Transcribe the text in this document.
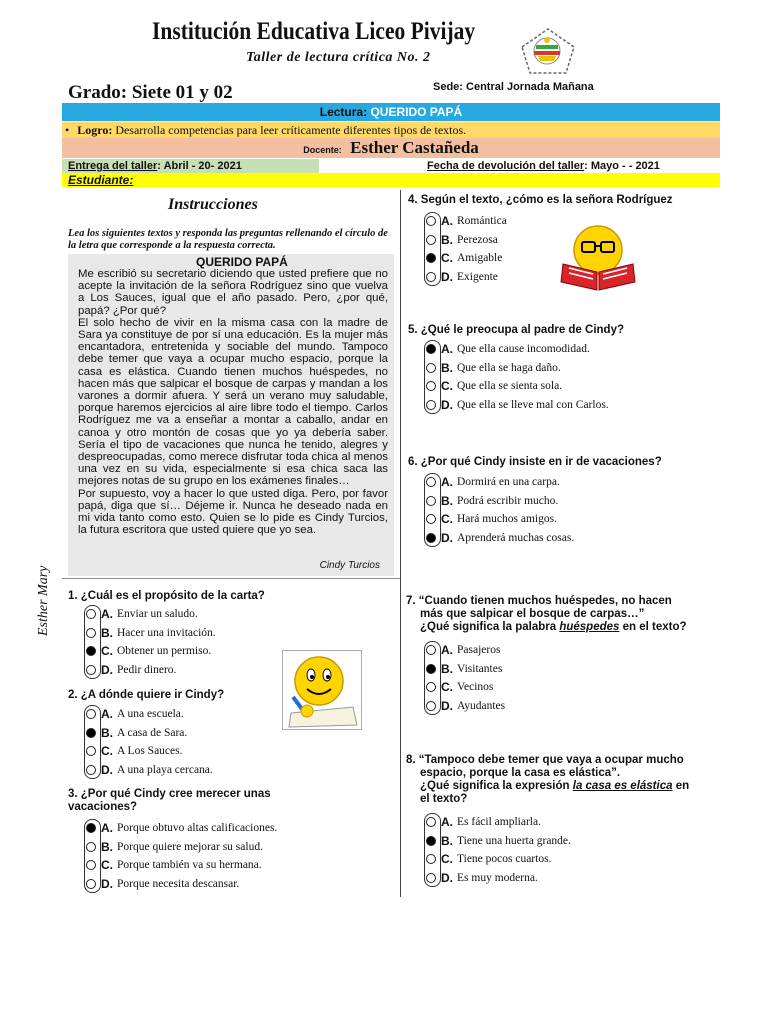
Institución Educativa Liceo Pivijay
Taller de lectura crítica No. 2
Grado: Siete 01 y 02	Sede: Central Jornada Mañana
Lectura: QUERIDO PAPÁ
• Logro: Desarrolla competencias para leer críticamente diferentes tipos de textos.
Docente: Esther Castañeda
Entrega del taller: Abril - 20- 2021	Fecha de devolución del taller: Mayo - - 2021
Estudiante:
Instrucciones
Lea los siguientes textos y responda las preguntas rellenando el círculo de la letra que corresponde a la respuesta correcta.
QUERIDO PAPÁ

Me escribió su secretario diciendo que usted prefiere que no acepte la invitación de la señora Rodríguez sino que vuelva a Los Sauces, igual que el año pasado. Pero, ¿por qué, papá? ¿Por qué?

El solo hecho de vivir en la misma casa con la madre de Sara ya constituye de por sí una educación. Es la mujer más encantadora, entretenida y sociable del mundo. Tampoco debe temer que vaya a ocupar mucho espacio, porque la casa es elástica. Cuando tienen muchos huéspedes, no hacen más que salpicar el bosque de carpas y mandan a los varones a dormir afuera. Y será un verano muy saludable, porque haremos ejercicios al aire libre todo el tiempo. Carlos Rodríguez me va a enseñar a montar a caballo, andar en canoa y otro montón de cosas que yo ya debería saber. Sería el tipo de vacaciones que nunca he tenido, alegres y despreocupadas, como merece disfrutar toda chica al menos una vez en su vida, especialmente si esa chica saca las mejores notas de su grupo en los exámenes finales…

Por supuesto, voy a hacer lo que usted diga. Pero, por favor papá, diga que sí… Déjeme ir. Nunca he deseado nada en mi vida tanto como esto. Quien se lo pide es Cindy Turcios, la futura escritora que usted quiere que yo sea.

Cindy Turcios
Esther Mary 1. ¿Cuál es el propósito de la carta?
A. Enviar un saludo.
B. Hacer una invitación.
C. Obtener un permiso.
D. Pedir dinero.
2. ¿A dónde quiere ir Cindy?
A. A una escuela.
B. A casa de Sara.
C. A Los Sauces.
D. A una playa cercana.
3. ¿Por qué Cindy cree merecer unas vacaciones?
A. Porque obtuvo altas calificaciones.
B. Porque quiere mejorar su salud.
C. Porque también va su hermana.
D. Porque necesita descansar.
4. Según el texto, ¿cómo es la señora Rodríguez
A. Romántica
B. Perezosa
C. Amigable
D. Exigente
5. ¿Qué le preocupa al padre de Cindy?
A. Que ella cause incomodidad.
B. Que ella se haga daño.
C. Que ella se sienta sola.
D. Que ella se lleve mal con Carlos.
6. ¿Por qué Cindy insiste en ir de vacaciones?
A. Dormirá en una carpa.
B. Podrá escribir mucho.
C. Hará muchos amigos.
D. Aprenderá muchas cosas.
7. “Cuando tienen muchos huéspedes, no hacen
más que salpicar el bosque de carpas…”
¿Qué significa la palabra huéspedes en el texto?
A. Pasajeros
B. Visitantes
C. Vecinos
D. Ayudantes
8. “Tampoco debe temer que vaya a ocupar mucho
espacio, porque la casa es elástica”.
¿Qué significa la expresión la casa es elástica en
el texto?
A. Es fácil ampliarla.
B. Tiene una huerta grande.
C. Tiene pocos cuartos.
D. Es muy moderna.
